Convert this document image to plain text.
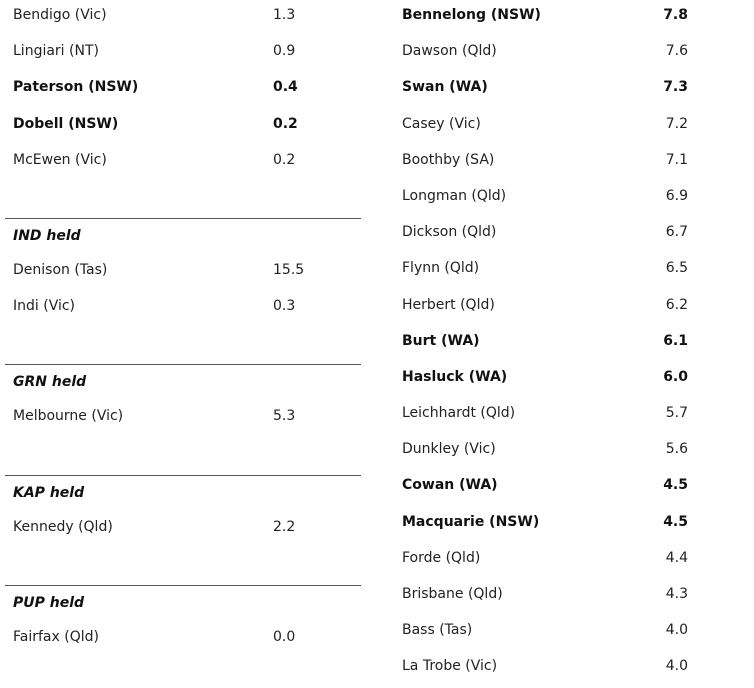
Bendigo (Vic)	1.3
Lingiari (NT)	0.9
Paterson (NSW)	0.4
Dobell (NSW)	0.2
McEwen (Vic)	0.2
IND held
Denison (Tas)	15.5
Indi (Vic)	0.3
GRN held
Melbourne (Vic)	5.3
KAP held
Kennedy (Qld)	2.2
PUP held
Fairfax (Qld)	0.0
Bennelong (NSW)	7.8
Dawson (Qld)	7.6
Swan (WA)	7.3
Casey (Vic)	7.2
Boothby (SA)	7.1
Longman (Qld)	6.9
Dickson (Qld)	6.7
Flynn (Qld)	6.5
Herbert (Qld)	6.2
Burt (WA)	6.1
Hasluck (WA)	6.0
Leichhardt (Qld)	5.7
Dunkley (Vic)	5.6
Cowan (WA)	4.5
Macquarie (NSW)	4.5
Forde (Qld)	4.4
Brisbane (Qld)	4.3
Bass (Tas)	4.0
La Trobe (Vic)	4.0
